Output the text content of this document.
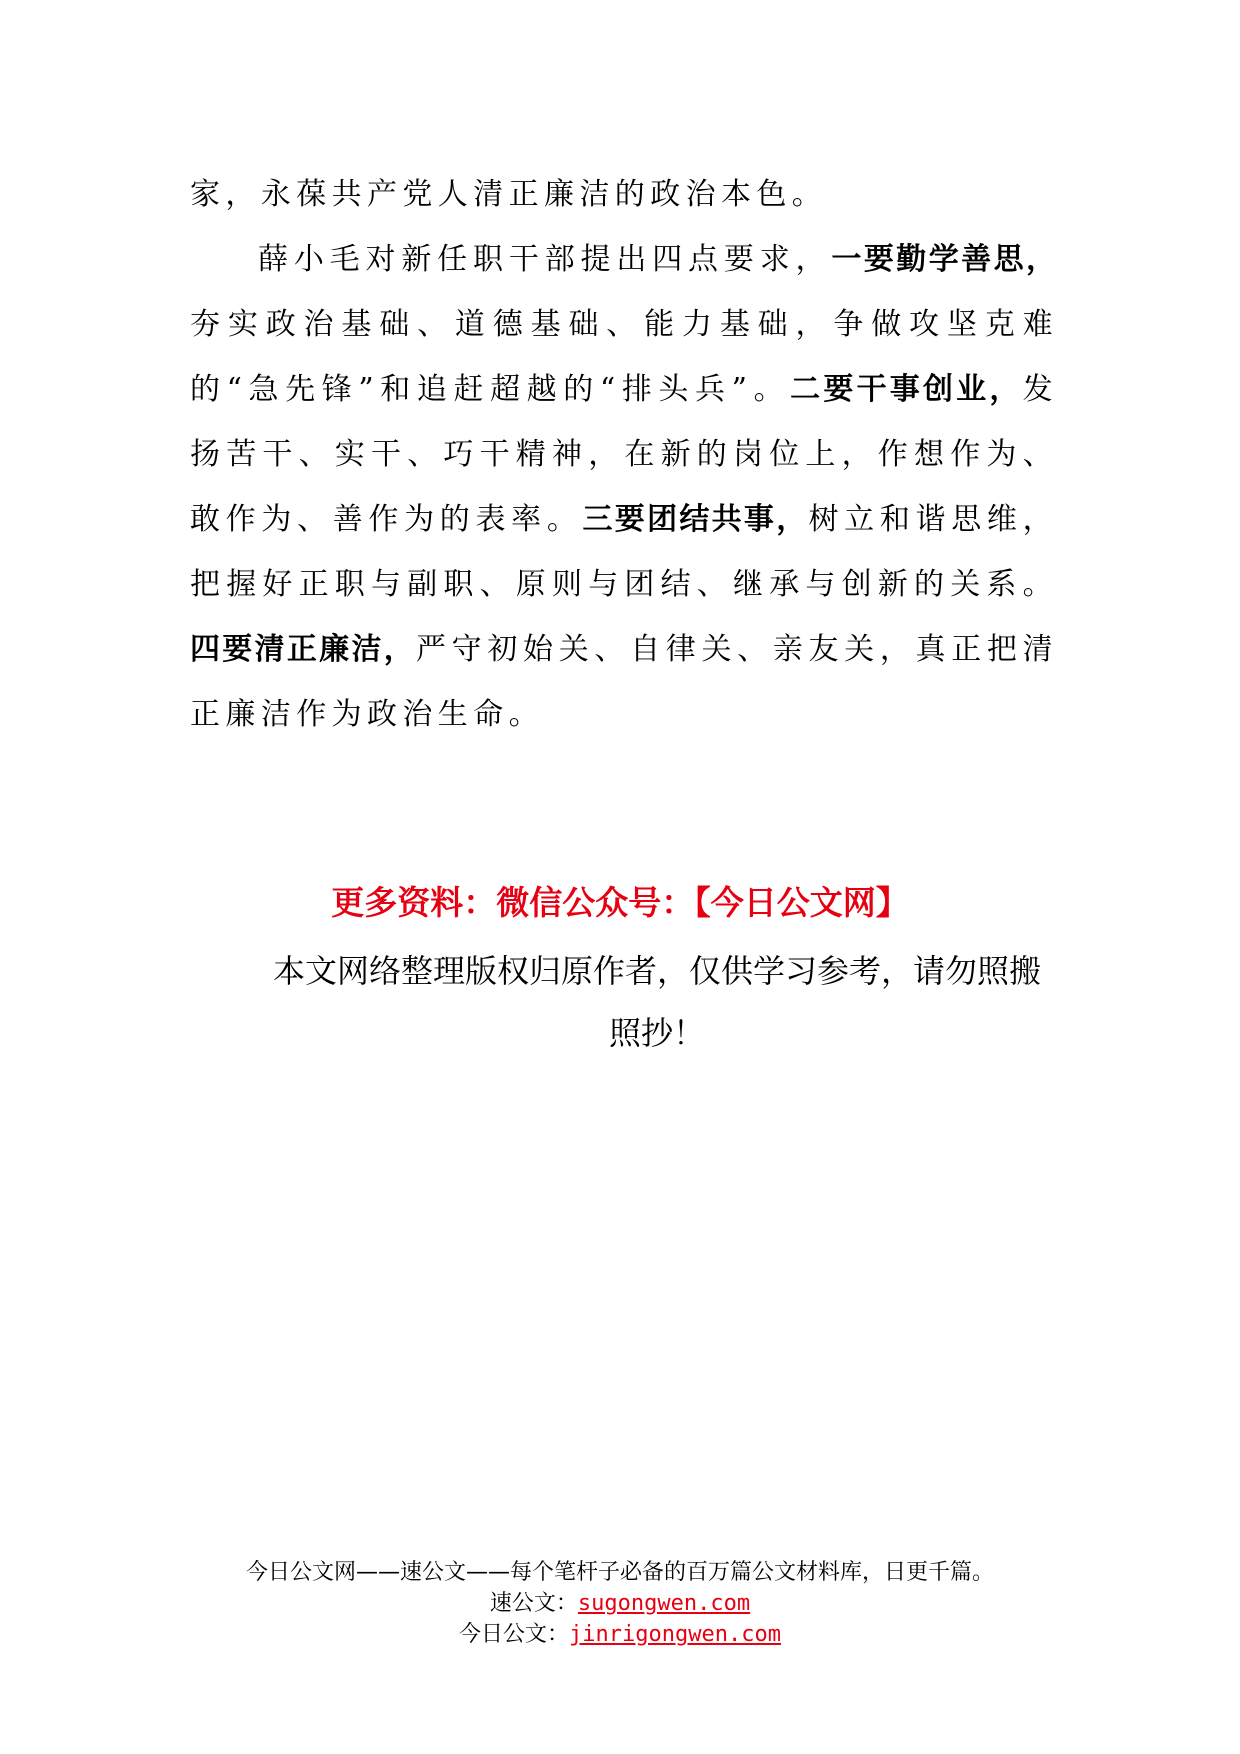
家，永葆共产党人清正廉洁的政治本色。

薛小毛对新任职干部提出四点要求，一要勤学善思，夯实政治基础、道德基础、能力基础，争做攻坚克难的“急先锋”和追赶超越的“排头兵”。二要干事创业，发扬苦干、实干、巧干精神，在新的岗位上，作想作为、敢作为、善作为的表率。三要团结共事，树立和谐思维，把握好正职与副职、原则与团结、继承与创新的关系。四要清正廉洁，严守初始关、自律关、亲友关，真正把清正廉洁作为政治生命。

更多资料：微信公众号：【今日公文网】
本文网络整理版权归原作者，仅供学习参考，请勿照搬照抄！
今日公文网——速公文——每个笔杆子必备的百万篇公文材料库，日更千篇。
速公文：sugongwen.com
今日公文：jinrigongwen.com
